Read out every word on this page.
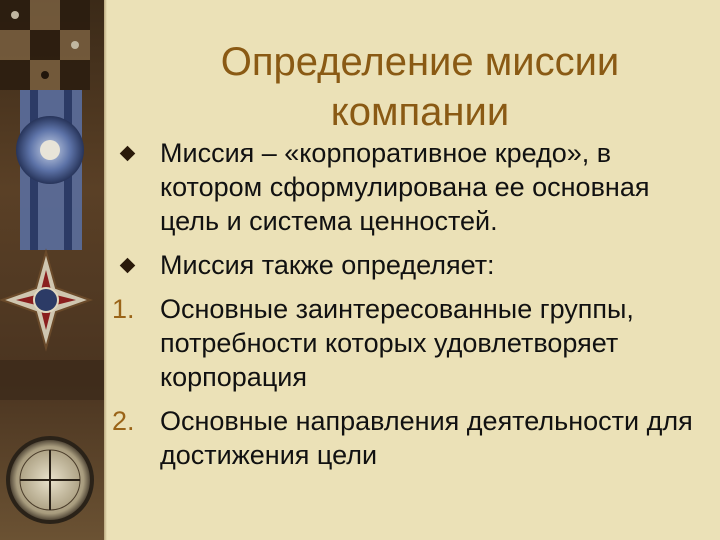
Определение миссии
компании
Миссия – «корпоративное кредо», в котором сформулирована ее основная цель и система ценностей.
Миссия также определяет:
1. Основные заинтересованные группы, потребности которых удовлетворяет корпорация
2. Основные направления деятельности для достижения цели
